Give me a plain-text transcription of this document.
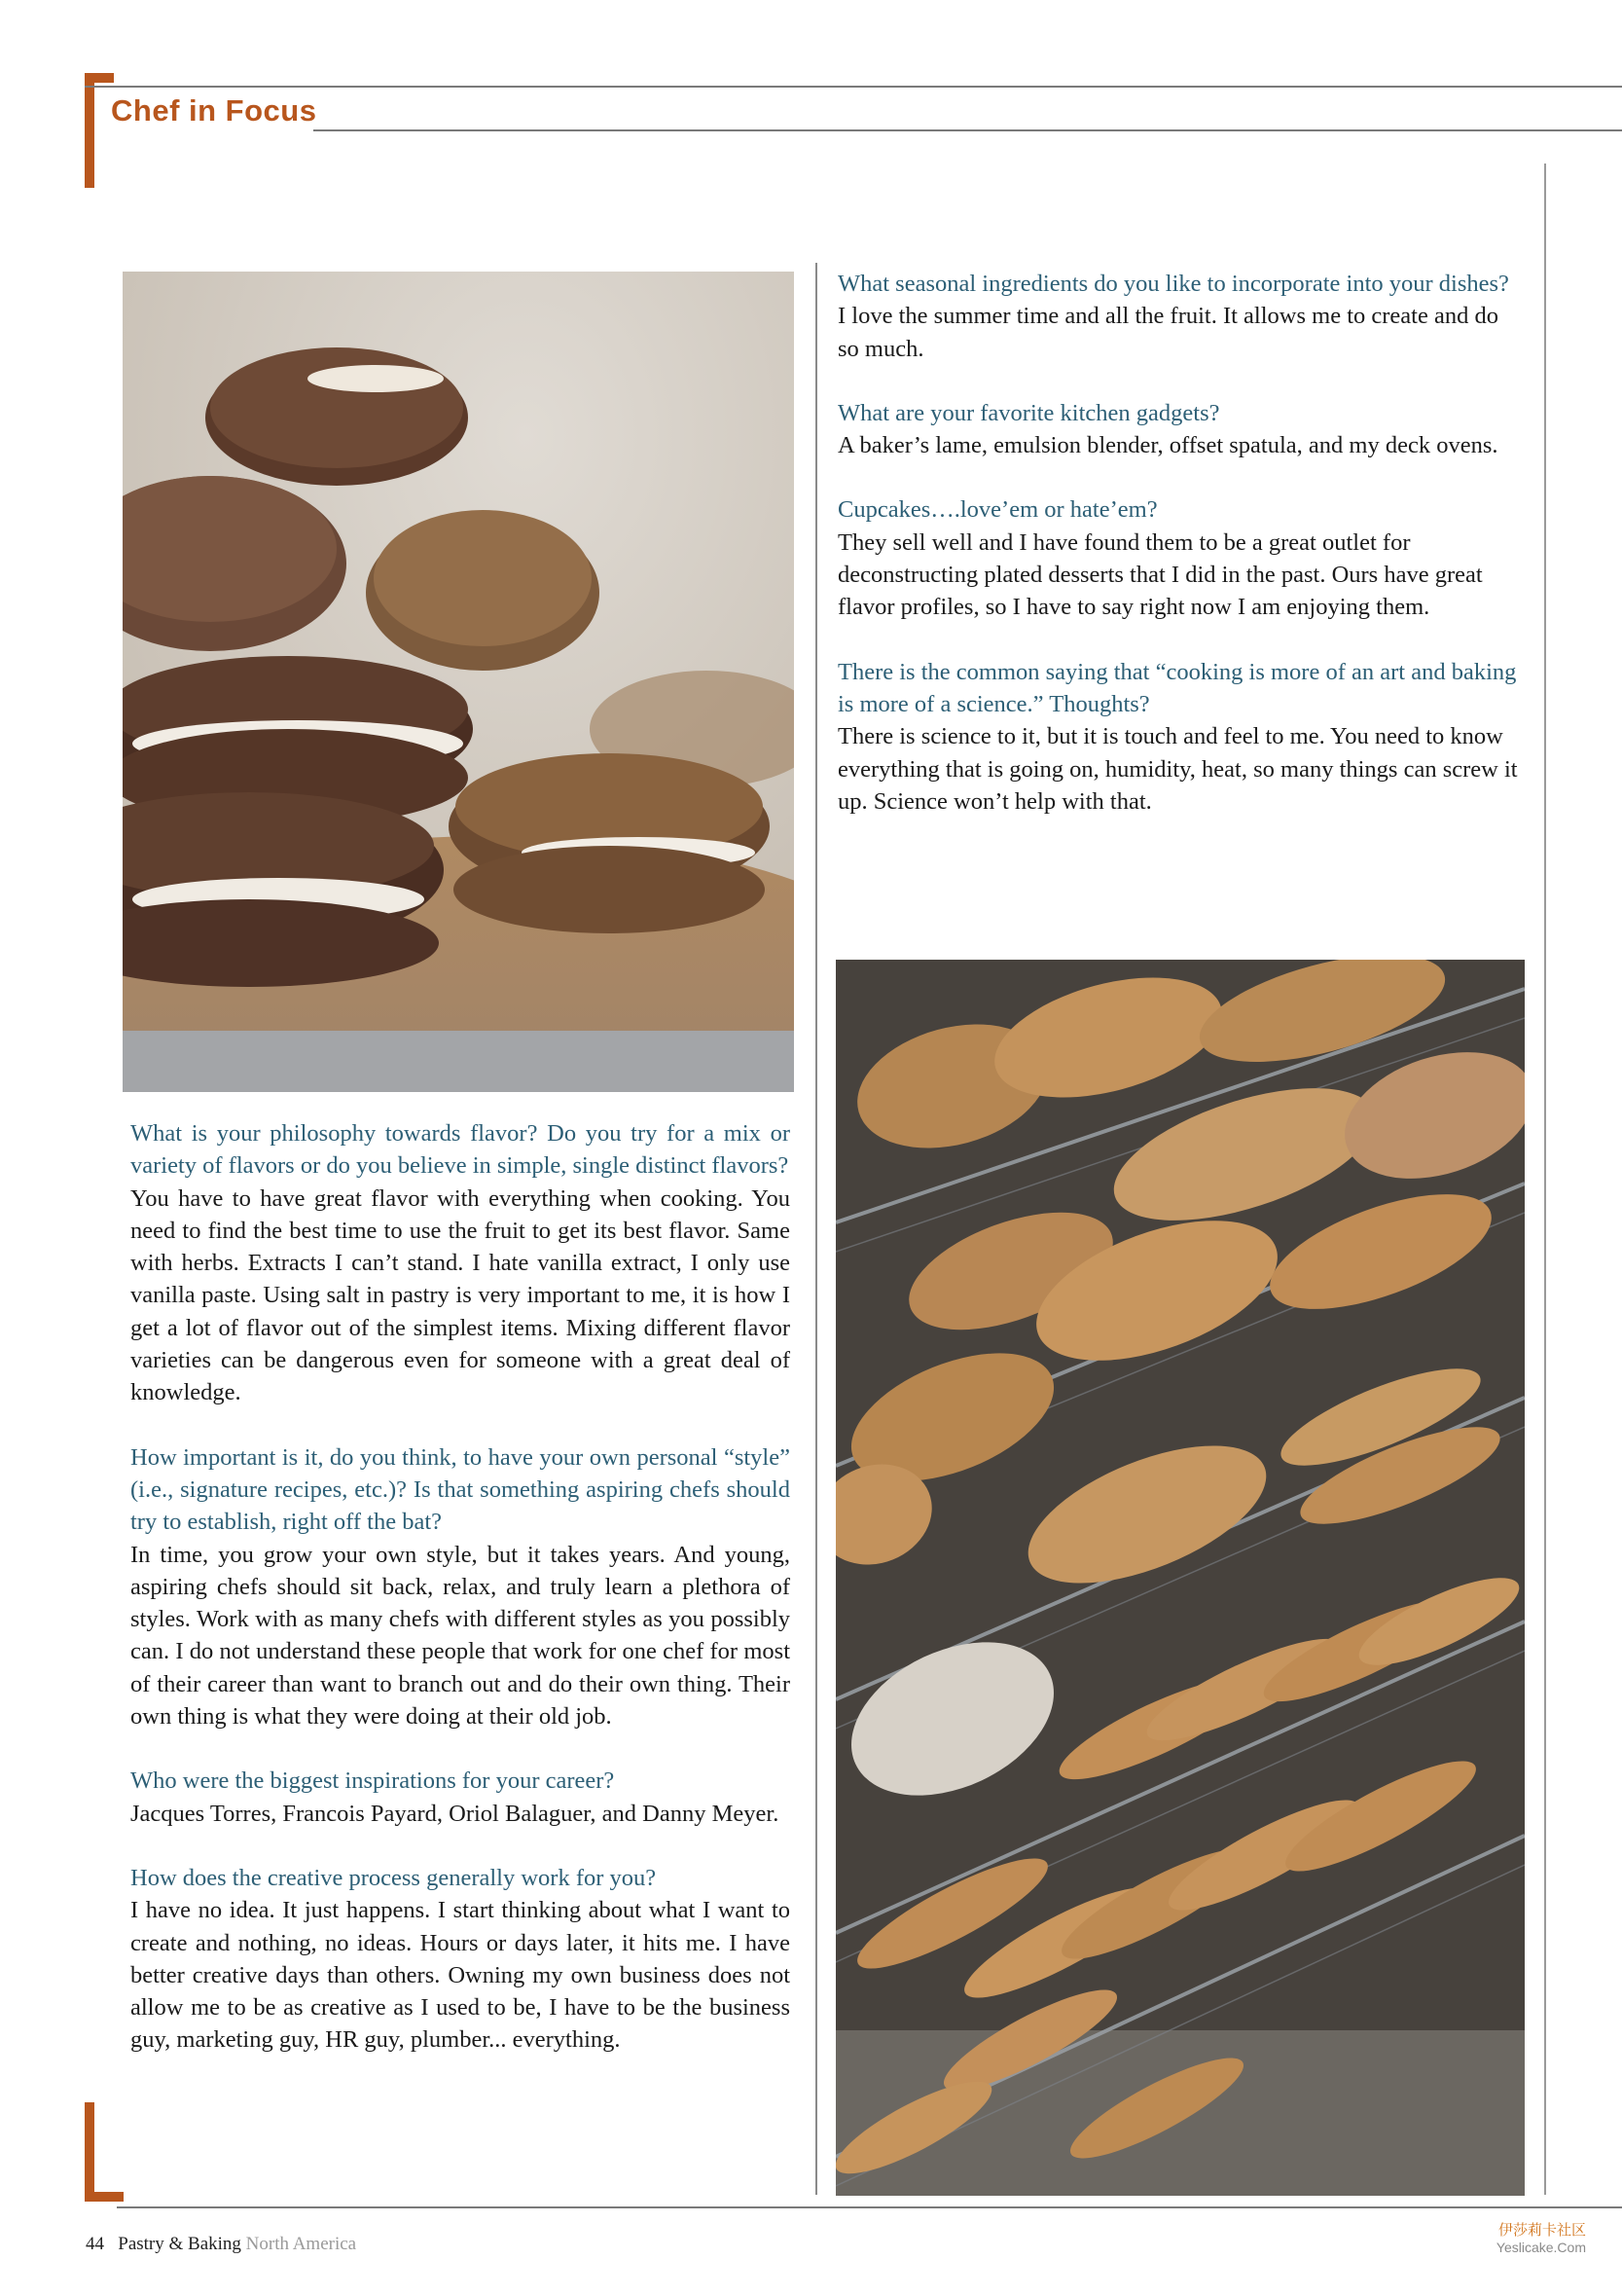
Chef in Focus
What is your philosophy towards flavor? Do you try for a mix or variety of flavors or do you believe in simple, single distinct flavors?
You have to have great flavor with everything when cooking. You need to find the best time to use the fruit to get its best flavor. Same with herbs. Extracts I can’t stand. I hate vanilla extract, I only use vanilla paste. Using salt in pastry is very important to me, it is how I get a lot of flavor out of the simplest items. Mixing different flavor varieties can be dangerous even for someone with a great deal of knowledge.
How important is it, do you think, to have your own personal “style” (i.e., signature recipes, etc.)? Is that something aspiring chefs should try to establish, right off the bat?
In time, you grow your own style, but it takes years. And young, aspiring chefs should sit back, relax, and truly learn a plethora of styles. Work with as many chefs with different styles as you possibly can. I do not understand these people that work for one chef for most of their career than want to branch out and do their own thing. Their own thing is what they were doing at their old job.
Who were the biggest inspirations for your career?
Jacques Torres, Francois Payard, Oriol Balaguer, and Danny Meyer.
How does the creative process generally work for you?
I have no idea. It just happens. I start thinking about what I want to create and nothing, no ideas. Hours or days later, it hits me. I have better creative days than others. Owning my own business does not allow me to be as creative as I used to be, I have to be the business guy, marketing guy, HR guy, plumber... everything.
What seasonal ingredients do you like to incorporate into your dishes?
I love the summer time and all the fruit. It allows me to create and do so much.
What are your favorite kitchen gadgets?
A baker’s lame, emulsion blender, offset spatula, and my deck ovens.
Cupcakes….love’em or hate’em?
They sell well and I have found them to be a great outlet for deconstructing plated desserts that I did in the past. Ours have great flavor profiles, so I have to say right now I am enjoying them.
There is the common saying that “cooking is more of an art and baking is more of a science.” Thoughts?
There is science to it, but it is touch and feel to me. You need to know everything that is going on, humidity, heat, so many things can screw it up. Science won’t help with that.
44 Pastry & Baking North America
伊莎莉卡社区
Yeslicake.Com
